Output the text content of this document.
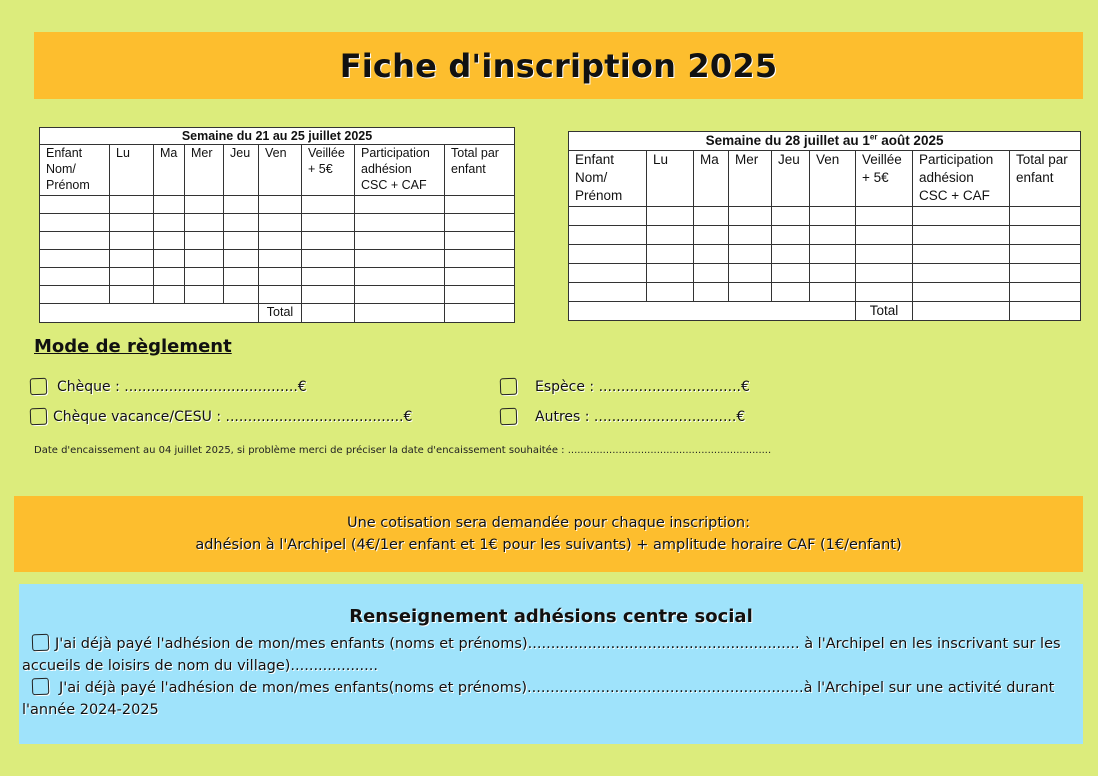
Fiche d'inscription 2025
Semaine du 21 au 25 juillet 2025								
Enfant Nom/ Prénom	Lu	Ma	Mer	Jeu	Ven	Veillée + 5€	Participation adhésion CSC + CAF	Total par enfant

					Total			
Semaine du 28 juillet au 1er août 2025								
Enfant Nom/ Prénom	Lu	Ma	Mer	Jeu	Ven	Veillée + 5€	Participation adhésion CSC + CAF	Total par enfant

						Total		
Mode de règlement
Chèque : .......................................€
Chèque vacance/CESU : ........................................€
Espèce : ................................€
Autres : ................................€
Date d'encaissement au 04 juillet 2025, si problème merci de préciser la date d'encaissement souhaitée : ................................................................
Une cotisation sera demandée pour chaque inscription:
adhésion à l'Archipel (4€/1er enfant et 1€ pour les suivants) + amplitude horaire CAF (1€/enfant)
Renseignement adhésions centre social

J'ai déjà payé l'adhésion de mon/mes enfants (noms et prénoms)........................................................... à l'Archipel en les inscrivant sur les accueils de loisirs de nom du village)...................

J'ai déjà payé l'adhésion de mon/mes enfants(noms et prénoms)............................................................à l'Archipel sur une activité durant l'année 2024-2025
